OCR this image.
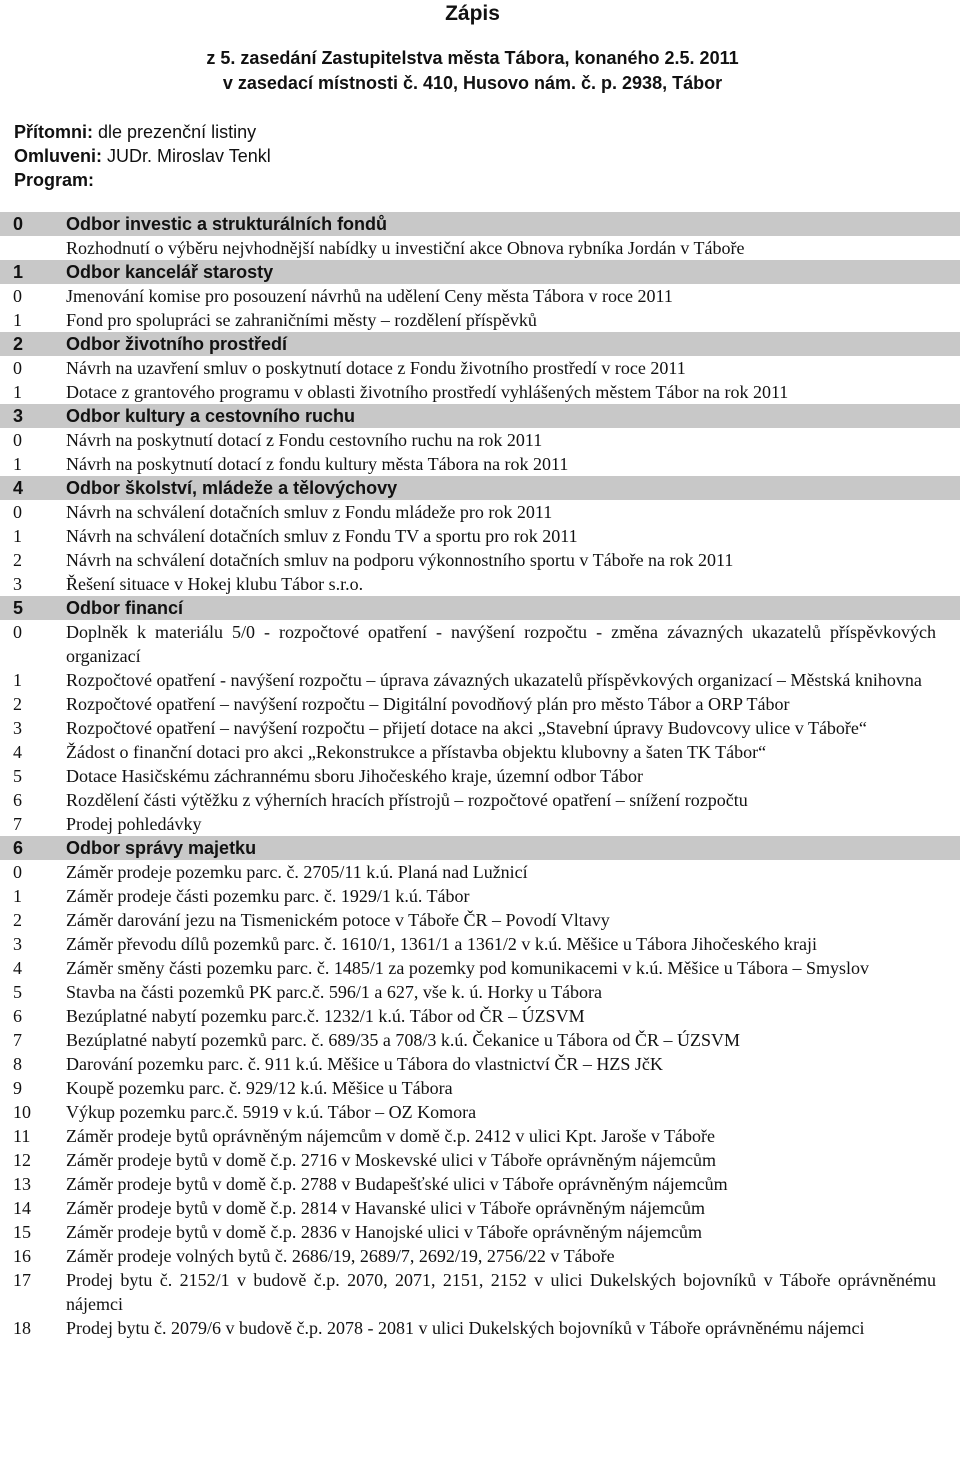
Zápis
z 5. zasedání Zastupitelstva města Tábora, konaného 2.5. 2011
v zasedací místnosti č. 410, Husovo nám. č. p. 2938, Tábor
Přítomni: dle prezenční listiny
Omluveni: JUDr. Miroslav Tenkl
Program:
0	Odbor investic a strukturálních fondů
Rozhodnutí o výběru nejvhodnější nabídky u investiční akce Obnova rybníka Jordán v Táboře
1	Odbor kancelář starosty
0	Jmenování komise pro posouzení návrhů na udělení Ceny města Tábora v roce 2011
1	Fond pro spolupráci se zahraničními městy – rozdělení příspěvků
2	Odbor životního prostředí
0	Návrh na uzavření smluv o poskytnutí dotace z Fondu životního prostředí v roce 2011
1	Dotace z grantového programu v oblasti životního prostředí vyhlášených městem Tábor na rok 2011
3	Odbor kultury a cestovního ruchu
0	Návrh na poskytnutí dotací z Fondu cestovního ruchu na rok 2011
1	Návrh na poskytnutí dotací z fondu kultury města Tábora na rok 2011
4	Odbor školství, mládeže a tělovýchovy
0	Návrh na schválení dotačních smluv z Fondu mládeže pro rok 2011
1	Návrh na schválení dotačních smluv z Fondu TV a sportu pro rok 2011
2	Návrh na schválení dotačních smluv na podporu výkonnostního sportu v Táboře na rok 2011
3	Řešení situace v Hokej klubu Tábor s.r.o.
5	Odbor financí
0	Doplněk k materiálu 5/0 - rozpočtové opatření - navýšení rozpočtu - změna závazných ukazatelů příspěvkových organizací
1	Rozpočtové opatření - navýšení rozpočtu – úprava závazných ukazatelů příspěvkových organizací – Městská knihovna
2	Rozpočtové opatření – navýšení rozpočtu – Digitální povodňový plán pro město Tábor a ORP Tábor
3	Rozpočtové opatření – navýšení rozpočtu – přijetí dotace na akci „Stavební úpravy Budovcovy ulice v Táboře“
4	Žádost o finanční dotaci pro akci „Rekonstrukce a přístavba objektu klubovny a šaten TK Tábor“
5	Dotace Hasičskému záchrannému sboru Jihočeského kraje, územní odbor Tábor
6	Rozdělení části výtěžku z výherních hracích přístrojů – rozpočtové opatření – snížení rozpočtu
7	Prodej pohledávky
6	Odbor správy majetku
0	Záměr prodeje pozemku parc. č. 2705/11 k.ú. Planá nad Lužnicí
1	Záměr prodeje části pozemku parc. č. 1929/1 k.ú. Tábor
2	Záměr darování jezu na Tismenickém potoce v Táboře ČR – Povodí Vltavy
3	Záměr převodu dílů pozemků parc. č. 1610/1, 1361/1 a 1361/2 v k.ú. Měšice u Tábora Jihočeského kraji
4	Záměr směny části pozemku parc. č. 1485/1 za pozemky pod komunikacemi v k.ú. Měšice u Tábora – Smyslov
5	Stavba na části pozemků PK parc.č. 596/1 a 627, vše k. ú. Horky u Tábora
6	Bezúplatné nabytí pozemku parc.č. 1232/1 k.ú. Tábor od ČR – ÚZSVM
7	Bezúplatné nabytí pozemků parc. č. 689/35 a 708/3 k.ú. Čekanice u Tábora od ČR – ÚZSVM
8	Darování pozemku parc. č. 911 k.ú. Měšice u Tábora do vlastnictví ČR – HZS JčK
9	Koupě pozemku parc. č. 929/12 k.ú. Měšice u Tábora
10	Výkup pozemku parc.č. 5919 v k.ú. Tábor – OZ Komora
11	Záměr prodeje bytů oprávněným nájemcům v domě č.p. 2412 v ulici Kpt. Jaroše v Táboře
12	Záměr prodeje bytů v domě č.p. 2716 v Moskevské ulici v Táboře oprávněným nájemcům
13	Záměr prodeje bytů v domě č.p. 2788 v Budapešťské ulici v Táboře oprávněným nájemcům
14	Záměr prodeje bytů v domě č.p. 2814 v Havanské ulici v Táboře oprávněným nájemcům
15	Záměr prodeje bytů v domě č.p. 2836 v Hanojské ulici v Táboře oprávněným nájemcům
16	Záměr prodeje volných bytů č. 2686/19, 2689/7, 2692/19, 2756/22 v Táboře
17	Prodej bytu č. 2152/1 v budově č.p. 2070, 2071, 2151, 2152 v ulici Dukelských bojovníků v Táboře oprávněnému nájemci
18	Prodej bytu č. 2079/6 v budově č.p. 2078 - 2081 v ulici Dukelských bojovníků v Táboře oprávněnému nájemci
